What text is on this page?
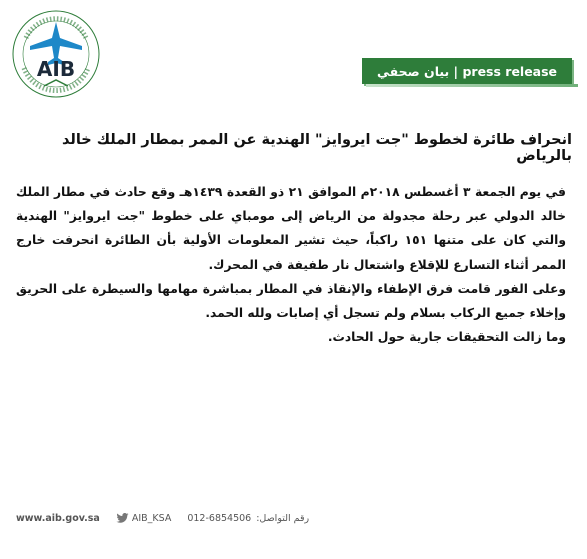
AIB	بيان صحفي | press release
انحراف طائرة لخطوط "جت ايروايز" الهندية عن الممر بمطار الملك خالد بالرياض

في يوم الجمعة ٣ أغسطس ٢٠١٨م الموافق ٢١ ذو القعدة ١٤٣٩هـ وقع حادث في مطار الملك خالد الدولي عبر رحلة مجدولة من الرياض إلى مومباي على خطوط "جت ايروايز" الهندية والتي كان على متنها ١٥١ راكباً، حيث تشير المعلومات الأولية بأن الطائرة انحرفت خارج الممر أثناء التسارع للإقلاع واشتعال نار طفيفة في المحرك.

وعلى الفور قامت فرق الإطفاء والإنقاذ في المطار بمباشرة مهامها والسيطرة على الحريق وإخلاء جميع الركاب بسلام ولم تسجل أي إصابات ولله الحمد.

وما زالت التحقيقات جارية حول الحادث.

www.aib.gov.sa	AIB_KSA 012-6854506 رقم التواصل:
